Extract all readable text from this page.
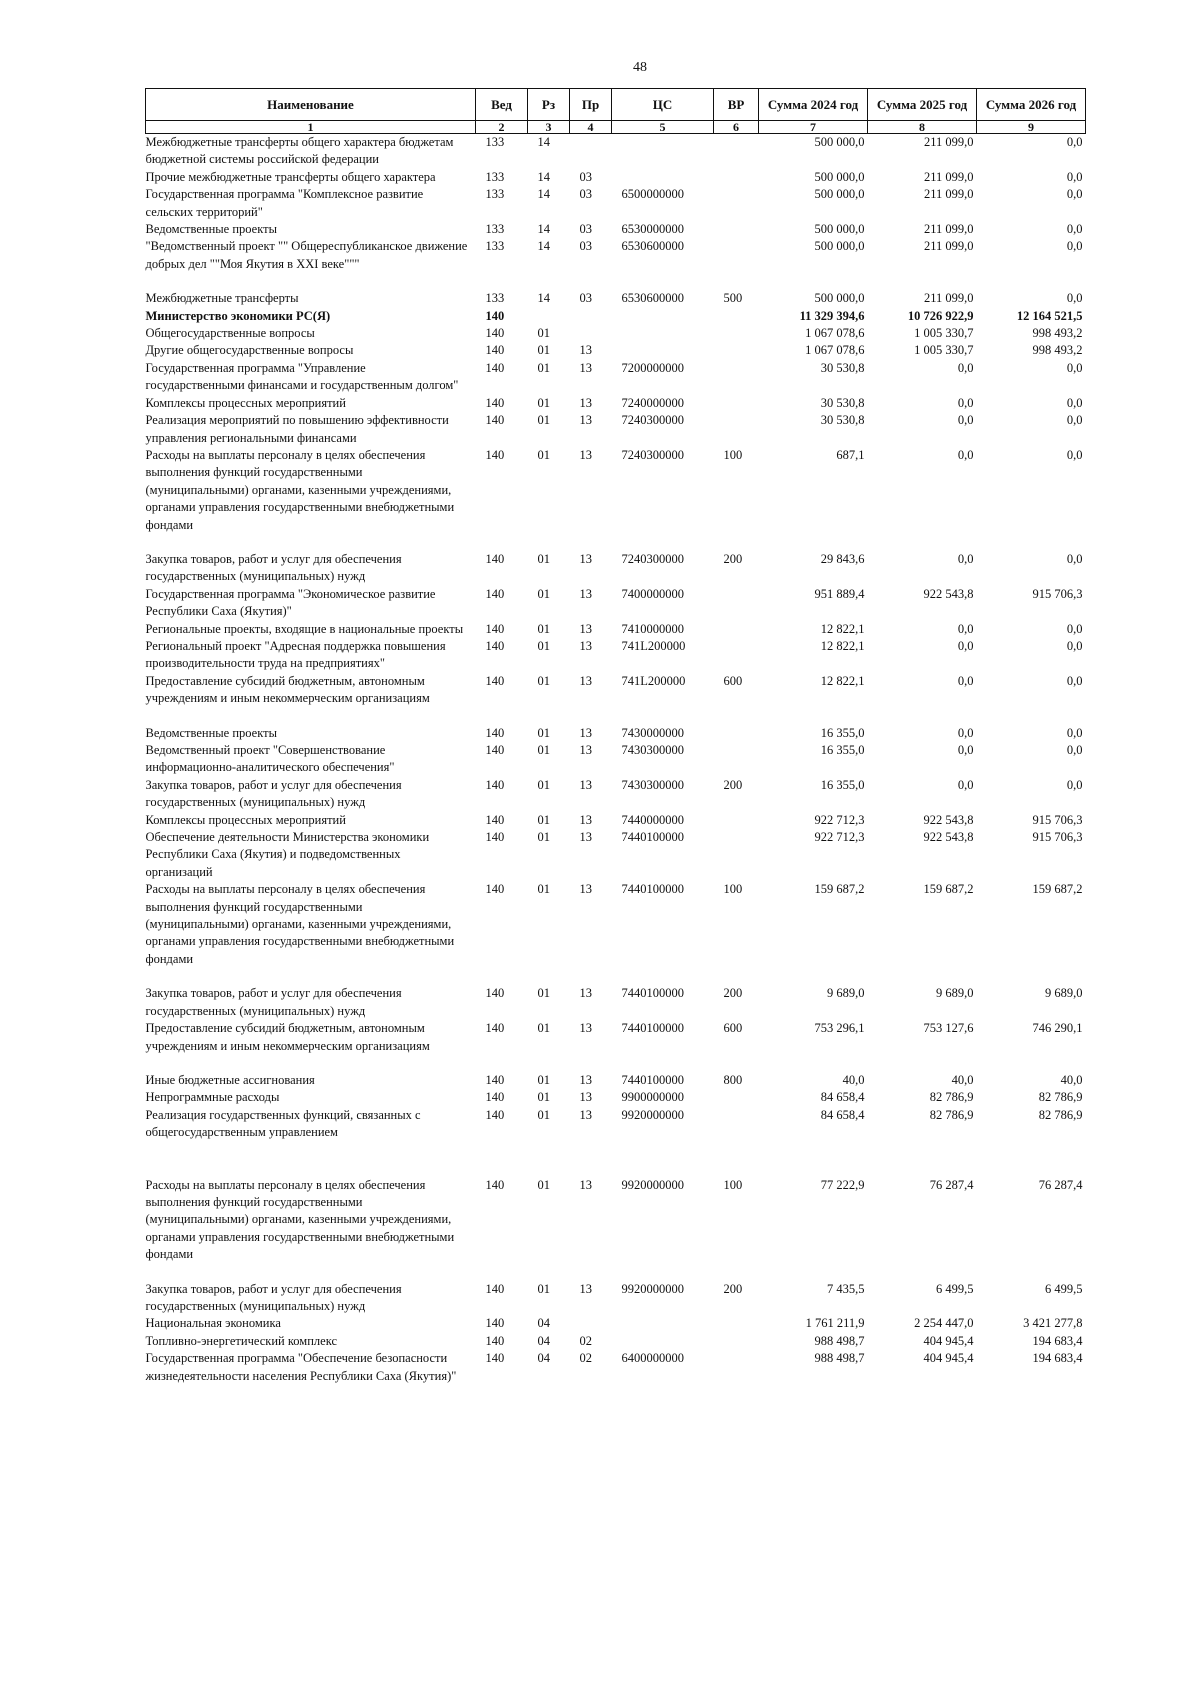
48
Наименование	Вед	Рз	Пр	ЦС	ВР	Сумма 2024 год	Сумма 2025 год	Сумма 2026 год
1	2	3	4	5	6	7	8	9
Межбюджетные трансферты общего характера бюджетам бюджетной системы российской федерации	133	14				500 000,0	211 099,0	0,0
Прочие межбюджетные трансферты общего характера	133	14	03			500 000,0	211 099,0	0,0
Государственная программа "Комплексное развитие сельских территорий"	133	14	03	6500000000		500 000,0	211 099,0	0,0
Ведомственные проекты	133	14	03	6530000000		500 000,0	211 099,0	0,0
"Ведомственный проект "" Общереспубликанское движение добрых дел ""Моя Якутия в XXI веке"""	133	14	03	6530600000		500 000,0	211 099,0	0,0
Межбюджетные трансферты	133	14	03	6530600000	500	500 000,0	211 099,0	0,0
Министерство экономики РС(Я)	140					11 329 394,6	10 726 922,9	12 164 521,5
Общегосударственные вопросы	140	01				1 067 078,6	1 005 330,7	998 493,2
Другие общегосударственные вопросы	140	01	13			1 067 078,6	1 005 330,7	998 493,2
Государственная программа "Управление государственными финансами и государственным долгом"	140	01	13	7200000000		30 530,8	0,0	0,0
Комплексы процессных мероприятий	140	01	13	7240000000		30 530,8	0,0	0,0
Реализация мероприятий по повышению эффективности управления региональными финансами	140	01	13	7240300000		30 530,8	0,0	0,0
Расходы на выплаты персоналу в целях обеспечения выполнения функций государственными (муниципальными) органами, казенными учреждениями, органами управления государственными внебюджетными фондами	140	01	13	7240300000	100	687,1	0,0	0,0
Закупка товаров, работ и услуг для обеспечения государственных (муниципальных) нужд	140	01	13	7240300000	200	29 843,6	0,0	0,0
Государственная программа "Экономическое развитие Республики Саха (Якутия)"	140	01	13	7400000000		951 889,4	922 543,8	915 706,3
Региональные проекты, входящие в национальные проекты	140	01	13	7410000000		12 822,1	0,0	0,0
Региональный проект "Адресная поддержка повышения производительности труда на предприятиях"	140	01	13	741L200000		12 822,1	0,0	0,0
Предоставление субсидий бюджетным, автономным учреждениям и иным некоммерческим организациям	140	01	13	741L200000	600	12 822,1	0,0	0,0
Ведомственные проекты	140	01	13	7430000000		16 355,0	0,0	0,0
Ведомственный проект "Совершенствование информационно-аналитического обеспечения"	140	01	13	7430300000		16 355,0	0,0	0,0
Закупка товаров, работ и услуг для обеспечения государственных (муниципальных) нужд	140	01	13	7430300000	200	16 355,0	0,0	0,0
Комплексы процессных мероприятий	140	01	13	7440000000		922 712,3	922 543,8	915 706,3
Обеспечение деятельности Министерства экономики Республики Саха (Якутия) и подведомственных организаций	140	01	13	7440100000		922 712,3	922 543,8	915 706,3
Расходы на выплаты персоналу в целях обеспечения выполнения функций государственными (муниципальными) органами, казенными учреждениями, органами управления государственными внебюджетными фондами	140	01	13	7440100000	100	159 687,2	159 687,2	159 687,2
Закупка товаров, работ и услуг для обеспечения государственных (муниципальных) нужд	140	01	13	7440100000	200	9 689,0	9 689,0	9 689,0
Предоставление субсидий бюджетным, автономным учреждениям и иным некоммерческим организациям	140	01	13	7440100000	600	753 296,1	753 127,6	746 290,1
Иные бюджетные ассигнования	140	01	13	7440100000	800	40,0	40,0	40,0
Непрограммные расходы	140	01	13	9900000000		84 658,4	82 786,9	82 786,9
Реализация государственных функций, связанных с общегосударственным управлением	140	01	13	9920000000		84 658,4	82 786,9	82 786,9
Расходы на выплаты персоналу в целях обеспечения выполнения функций государственными (муниципальными) органами, казенными учреждениями, органами управления государственными внебюджетными фондами	140	01	13	9920000000	100	77 222,9	76 287,4	76 287,4
Закупка товаров, работ и услуг для обеспечения государственных (муниципальных) нужд	140	01	13	9920000000	200	7 435,5	6 499,5	6 499,5
Национальная экономика	140	04				1 761 211,9	2 254 447,0	3 421 277,8
Топливно-энергетический комплекс	140	04	02			988 498,7	404 945,4	194 683,4
Государственная программа "Обеспечение безопасности жизнедеятельности населения Республики Саха (Якутия)"	140	04	02	6400000000		988 498,7	404 945,4	194 683,4
